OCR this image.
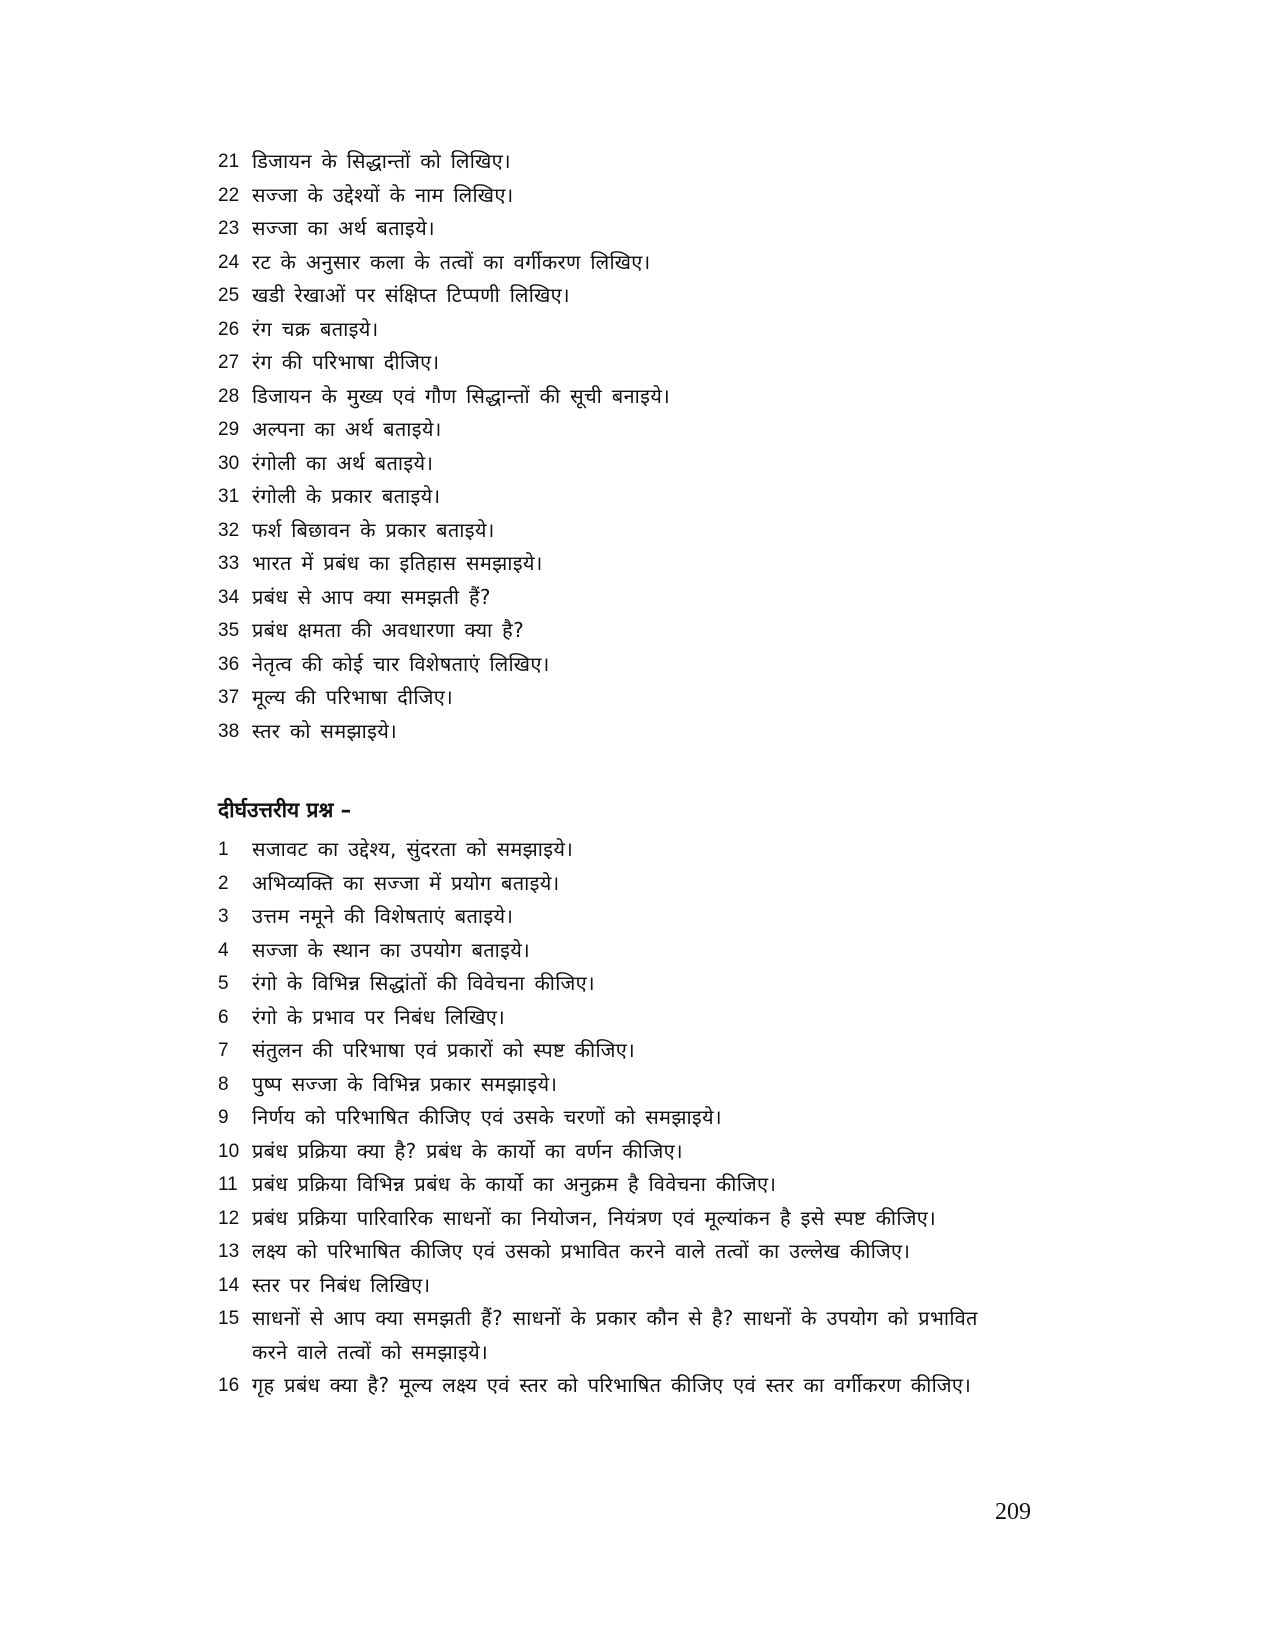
21 डिजायन के सिद्धान्तों को लिखिए।
22 सज्जा के उद्देश्यों के नाम लिखिए।
23 सज्जा का अर्थ बताइये।
24 रट के अनुसार कला के तत्वों का वर्गीकरण लिखिए।
25 खडी रेखाओं पर संक्षिप्त टिप्पणी लिखिए।
26 रंग चक्र बताइये।
27 रंग की परिभाषा दीजिए।
28 डिजायन के मुख्य एवं गौण सिद्धान्तों की सूची बनाइये।
29 अल्पना का अर्थ बताइये।
30 रंगोली का अर्थ बताइये।
31 रंगोली के प्रकार बताइये।
32 फर्श बिछावन के प्रकार बताइये।
33 भारत में प्रबंध का इतिहास समझाइये।
34 प्रबंध से आप क्या समझती हैं?
35 प्रबंध क्षमता की अवधारणा क्या है?
36 नेतृत्व की कोई चार विशेषताएं लिखिए।
37 मूल्य की परिभाषा दीजिए।
38 स्तर को समझाइये।
दीर्घउत्तरीय प्रश्न –
1	सजावट का उद्देश्य, सुंदरता को समझाइये।
2	अभिव्यक्ति का सज्जा में प्रयोग बताइये।
3	उत्तम नमूने की विशेषताएं बताइये।
4	सज्जा के स्थान का उपयोग बताइये।
5	रंगो के विभिन्न सिद्धांतों की विवेचना कीजिए।
6	रंगो के प्रभाव पर निबंध लिखिए।
7	संतुलन की परिभाषा एवं प्रकारों को स्पष्ट कीजिए।
8	पुष्प सज्जा के विभिन्न प्रकार समझाइये।
9	निर्णय को परिभाषित कीजिए एवं उसके चरणों को समझाइये।
10 प्रबंध प्रक्रिया क्या है? प्रबंध के कार्यो का वर्णन कीजिए।
11 प्रबंध प्रक्रिया विभिन्न प्रबंध के कार्यो का अनुक्रम है विवेचना कीजिए।
12 प्रबंध प्रक्रिया पारिवारिक साधनों का नियोजन, नियंत्रण एवं मूल्यांकन है इसे स्पष्ट कीजिए।
13 लक्ष्य को परिभाषित कीजिए एवं उसको प्रभावित करने वाले तत्वों का उल्लेख कीजिए।
14 स्तर पर निबंध लिखिए।
15 साधनों से आप क्या समझती हैं? साधनों के प्रकार कौन से है? साधनों के उपयोग को प्रभावित करने वाले तत्वों को समझाइये।
16 गृह प्रबंध क्या है? मूल्य लक्ष्य एवं स्तर को परिभाषित कीजिए एवं स्तर का वर्गीकरण कीजिए।
209
